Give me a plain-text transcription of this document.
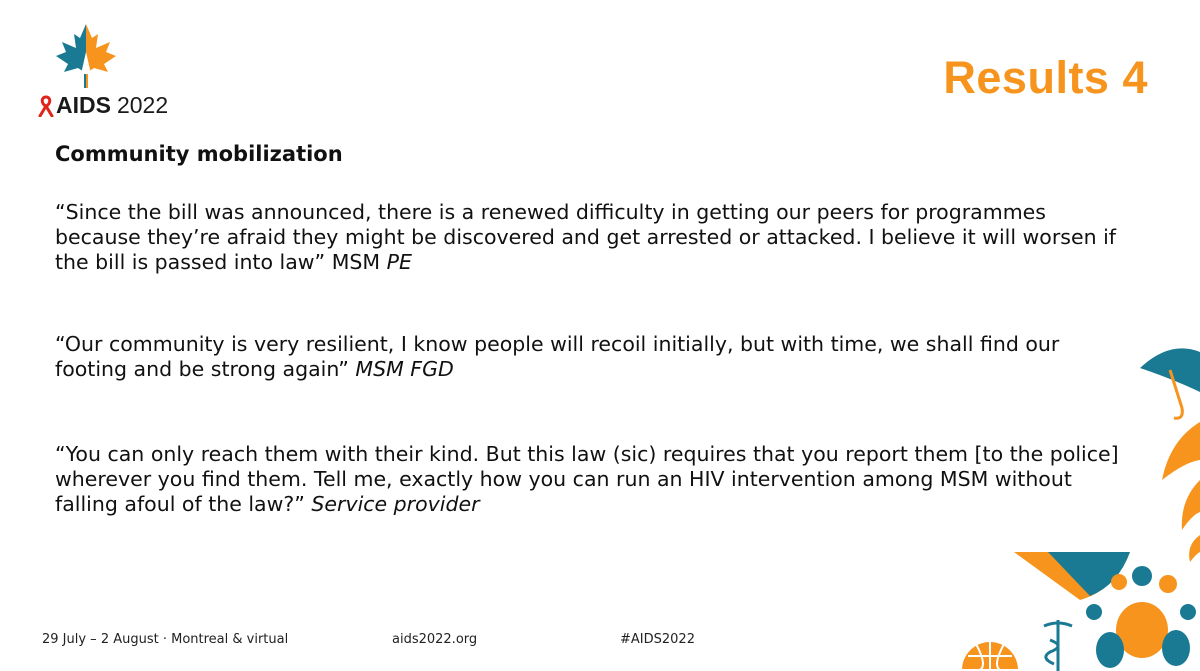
AIDS 2022
Results 4
Community mobilization
“Since the bill was announced, there is a renewed difficulty in getting our peers for programmes because they’re afraid they might be discovered and get arrested or attacked. I believe it will worsen if the bill is passed into law” MSM PE
“Our community is very resilient, I know people will recoil initially, but with time, we shall find our footing and be strong again” MSM FGD
“You can only reach them with their kind. But this law (sic) requires that you report them [to the police] wherever you find them. Tell me, exactly how you can run an HIV intervention among MSM without falling afoul of the law?” Service provider
29 July – 2 August · Montreal & virtual	aids2022.org	#AIDS2022
